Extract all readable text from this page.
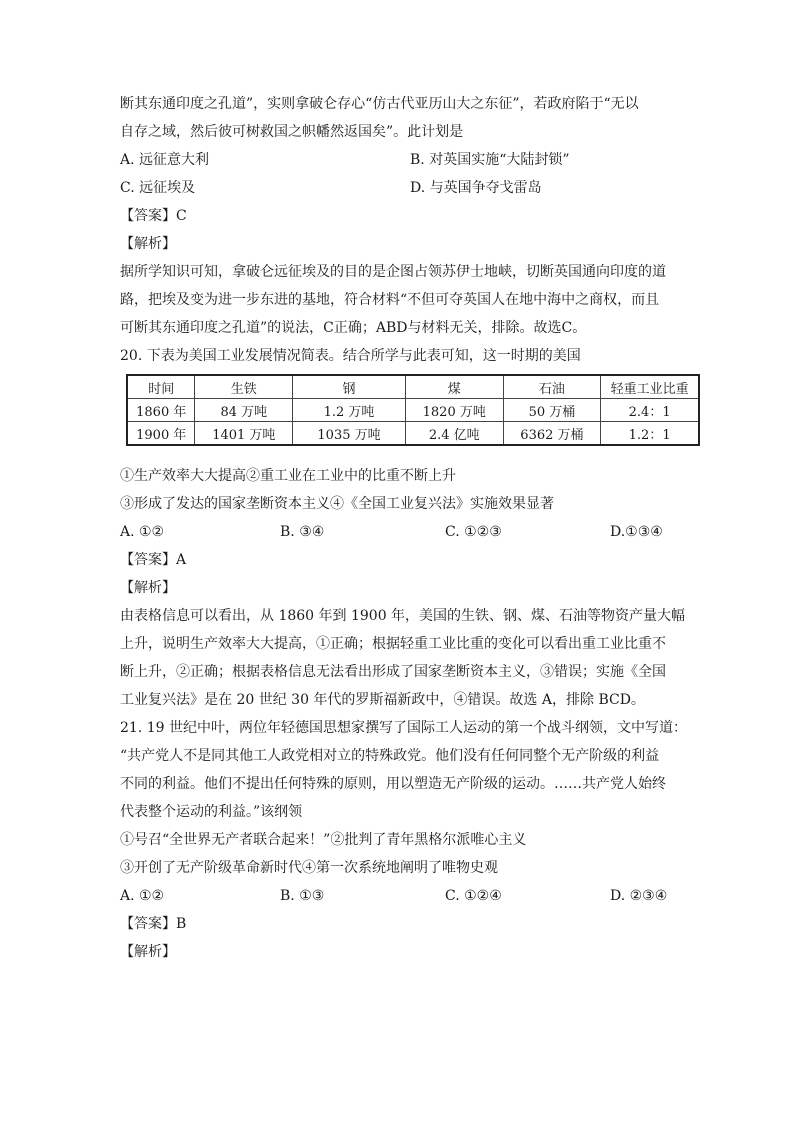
断其东通印度之孔道”，实则拿破仑存心“仿古代亚历山大之东征”，若政府陷于“无以

自存之域，然后彼可树救国之帜幡然返国矣”。此计划是

A. 远征意大利	B. 对英国实施“大陆封锁”
C. 远征埃及	D. 与英国争夺戈雷岛

【答案】C

【解析】

据所学知识可知，拿破仑远征埃及的目的是企图占领苏伊士地峡，切断英国通向印度的道

路，把埃及变为进一步东进的基地，符合材料“不但可夺英国人在地中海中之商权，而且

可断其东通印度之孔道”的说法，C正确；ABD与材料无关，排除。故选C。

20. 下表为美国工业发展情况简表。结合所学与此表可知，这一时期的美国

时间	生铁	钢	煤	石油	轻重工业比重
1860 年	84 万吨	1.2 万吨	1820 万吨	50 万桶	2.4：1
1900 年	1401 万吨	1035 万吨	2.4 亿吨	6362 万桶	1.2：1

①生产效率大大提高②重工业在工业中的比重不断上升

③形成了发达的国家垄断资本主义④《全国工业复兴法》实施效果显著

A. ①②	B. ③④	C. ①②③	D.①③④

【答案】A

【解析】

由表格信息可以看出，从 1860 年到 1900 年，美国的生铁、钢、煤、石油等物资产量大幅

上升，说明生产效率大大提高，①正确；根据轻重工业比重的变化可以看出重工业比重不

断上升，②正确；根据表格信息无法看出形成了国家垄断资本主义，③错误；实施《全国

工业复兴法》是在 20 世纪 30 年代的罗斯福新政中，④错误。故选 A，排除 BCD。

21. 19 世纪中叶，两位年轻德国思想家撰写了国际工人运动的第一个战斗纲领，文中写道：

“共产党人不是同其他工人政党相对立的特殊政党。他们没有任何同整个无产阶级的利益

不同的利益。他们不提出任何特殊的原则，用以塑造无产阶级的运动。……共产党人始终

代表整个运动的利益。”该纲领

①号召“全世界无产者联合起来！”②批判了青年黑格尔派唯心主义

③开创了无产阶级革命新时代④第一次系统地阐明了唯物史观

A. ①②	B. ①③	C. ①②④	D. ②③④

【答案】B

【解析】
